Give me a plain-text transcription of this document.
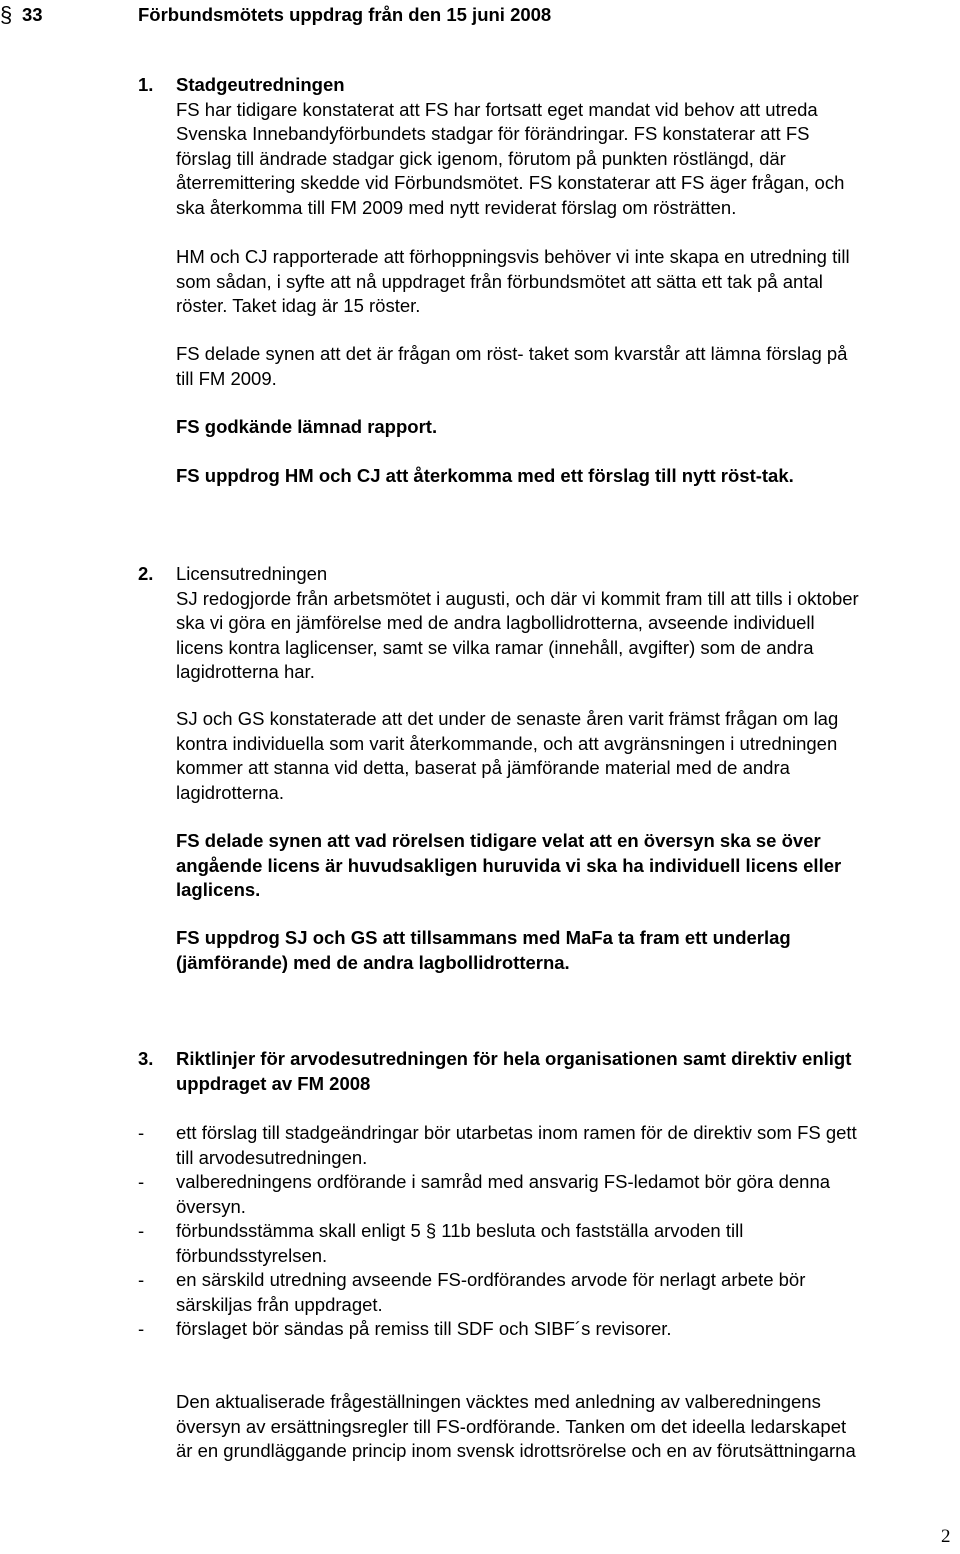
§ 33	Förbundsmötets uppdrag från den 15 juni 2008
1. Stadgeutredningen
FS har tidigare konstaterat att FS har fortsatt eget mandat vid behov att utreda
Svenska Innebandyförbundets stadgar för förändringar. FS konstaterar att FS
förslag till ändrade stadgar gick igenom, förutom på punkten röstlängd, där
återremittering skedde vid Förbundsmötet. FS konstaterar att FS äger frågan, och
ska återkomma till FM 2009 med nytt reviderat förslag om rösträtten.
HM och CJ rapporterade att förhoppningsvis behöver vi inte skapa en utredning till
som sådan, i syfte att nå uppdraget från förbundsmötet att sätta ett tak på antal
röster. Taket idag är 15 röster.
FS delade synen att det är frågan om röst- taket som kvarstår att lämna förslag på
till FM 2009.
FS godkände lämnad rapport.
FS uppdrog HM och CJ att återkomma med ett förslag till nytt röst-tak.
2. Licensutredningen
SJ redogjorde från arbetsmötet i augusti, och där vi kommit fram till att tills i oktober
ska vi göra en jämförelse med de andra lagbollidrotterna, avseende individuell
licens kontra laglicenser, samt se vilka ramar (innehåll, avgifter) som de andra
lagidrotterna har.
SJ och GS konstaterade att det under de senaste åren varit främst frågan om lag
kontra individuella som varit återkommande, och att avgränsningen i utredningen
kommer att stanna vid detta, baserat på jämförande material med de andra
lagidrotterna.
FS delade synen att vad rörelsen tidigare velat att en översyn ska se över
angående licens är huvudsakligen huruvida vi ska ha individuell licens eller
laglicens.
FS uppdrog SJ och GS att tillsammans med MaFa ta fram ett underlag
(jämförande) med de andra lagbollidrotterna.
3. Riktlinjer för arvodesutredningen för hela organisationen samt direktiv enligt
uppdraget av FM 2008
- ett förslag till stadgeändringar bör utarbetas inom ramen för de direktiv som FS gett
till arvodesutredningen.
- valberedningens ordförande i samråd med ansvarig FS-ledamot bör göra denna
översyn.
- förbundsstämma skall enligt 5 § 11b besluta och fastställa arvoden till
förbundsstyrelsen.
- en särskild utredning avseende FS-ordförandes arvode för nerlagt arbete bör
särskiljas från uppdraget.
- förslaget bör sändas på remiss till SDF och SIBF´s revisorer.
Den aktualiserade frågeställningen väcktes med anledning av valberedningens
översyn av ersättningsregler till FS-ordförande. Tanken om det ideella ledarskapet
är en grundläggande princip inom svensk idrottsrörelse och en av förutsättningarna
2
